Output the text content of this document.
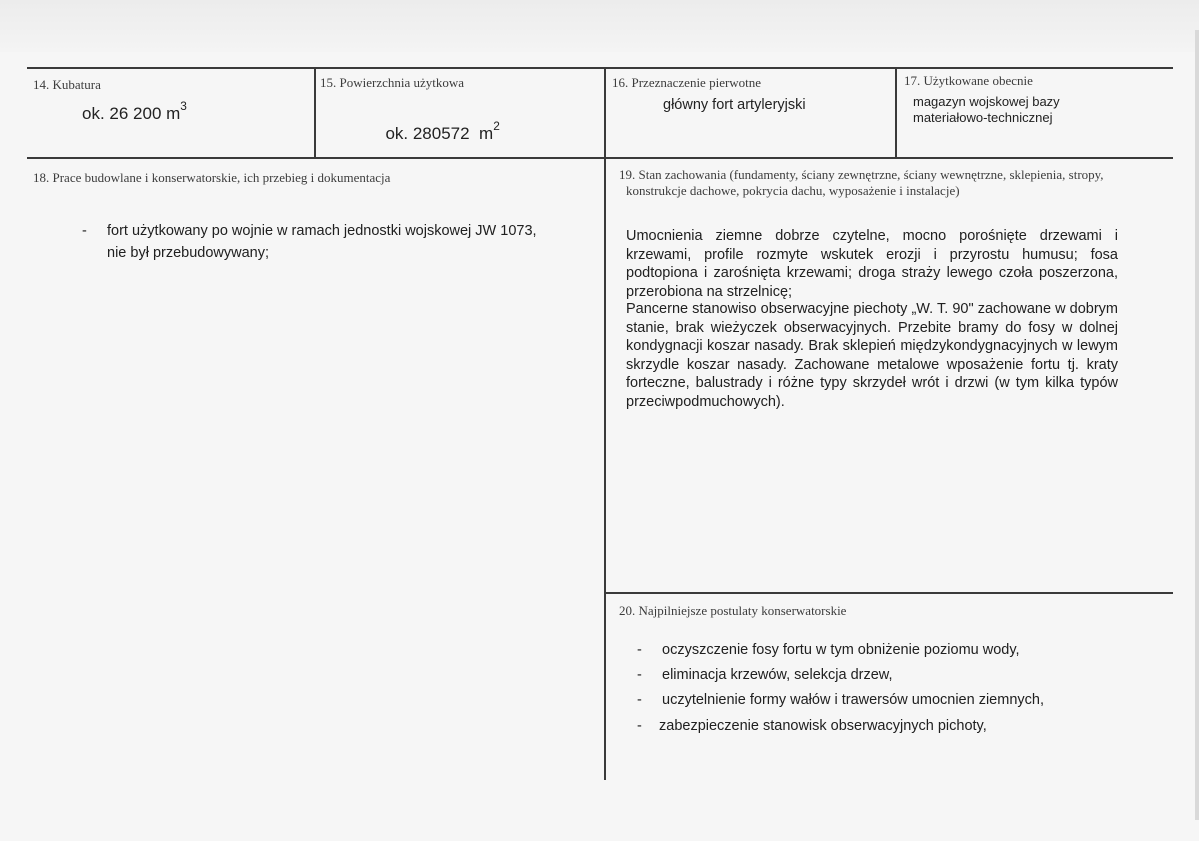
14. Kubatura
ok. 26 200 $m^3$
15. Powierzchnia użytkowa

ok. 280572  $m^2$

16. Przeznaczenie pierwotne
główny fort artyleryjski
17. Użytkowane obecnie
magazyn wojskowej bazy
materiałowo-technicznej
18. Prace budowlane i konserwatorskie, ich przebieg i dokumentacja
- fort użytkowany po wojnie w ramach jednostki wojskowej JW 1073,
nie był przebudowywany;
19. Stan zachowania (fundamenty, ściany zewnętrzne, ściany wewnętrzne, sklepienia, stropy,
konstrukcje dachowe, pokrycia dachu, wyposażenie i instalacje)
Umocnienia ziemne dobrze czytelne, mocno porośnięte drzewami i krzewami, profile rozmyte wskutek erozji i przyrostu humusu; fosa podtopiona i zarośnięta krzewami; droga straży lewego czoła poszerzona, przerobiona na strzelnicę;
Pancerne stanowiso obserwacyjne piechoty „W. T. 90" zachowane w dobrym stanie, brak wieżyczek obserwacyjnych. Przebite bramy do fosy w dolnej kondygnacji koszar nasady. Brak sklepień międzykondygnacyjnych w lewym skrzydle koszar nasady. Zachowane metalowe wposażenie fortu tj. kraty forteczne, balustrady i różne typy skrzydeł wrót i drzwi (w tym kilka typów przeciwpodmuchowych).
20. Najpilniejsze postulaty konserwatorskie
- oczyszczenie fosy fortu w tym obniżenie poziomu wody,
- eliminacja krzewów, selekcja drzew,
- uczytelnienie formy wałów i trawersów umocnien ziemnych,
- zabezpieczenie stanowisk obserwacyjnych pichoty,
